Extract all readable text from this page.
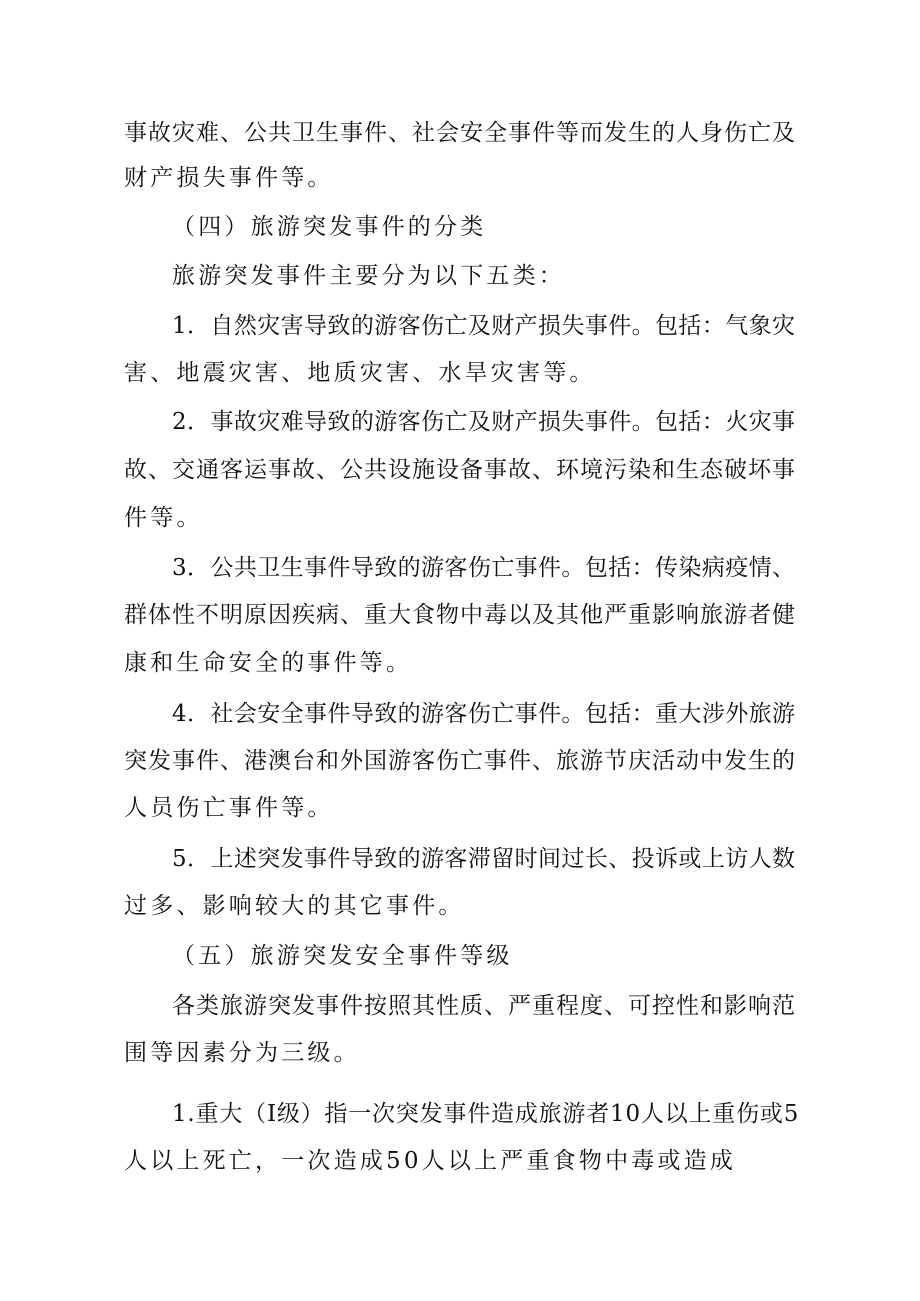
事故灾难、公共卫生事件、社会安全事件等而发生的人身伤亡及
财产损失事件等。
（四）旅游突发事件的分类
旅游突发事件主要分为以下五类：
1．自然灾害导致的游客伤亡及财产损失事件。包括：气象灾
害、地震灾害、地质灾害、水旱灾害等。
2．事故灾难导致的游客伤亡及财产损失事件。包括：火灾事
故、交通客运事故、公共设施设备事故、环境污染和生态破坏事
件等。
3．公共卫生事件导致的游客伤亡事件。包括：传染病疫情、
群体性不明原因疾病、重大食物中毒以及其他严重影响旅游者健
康和生命安全的事件等。
4．社会安全事件导致的游客伤亡事件。包括：重大涉外旅游
突发事件、港澳台和外国游客伤亡事件、旅游节庆活动中发生的
人员伤亡事件等。
5．上述突发事件导致的游客滞留时间过长、投诉或上访人数
过多、影响较大的其它事件。
（五）旅游突发安全事件等级
各类旅游突发事件按照其性质、严重程度、可控性和影响范
围等因素分为三级。
1.重大（I级）指一次突发事件造成旅游者10人以上重伤或5
人以上死亡，一次造成50人以上严重食物中毒或造成
